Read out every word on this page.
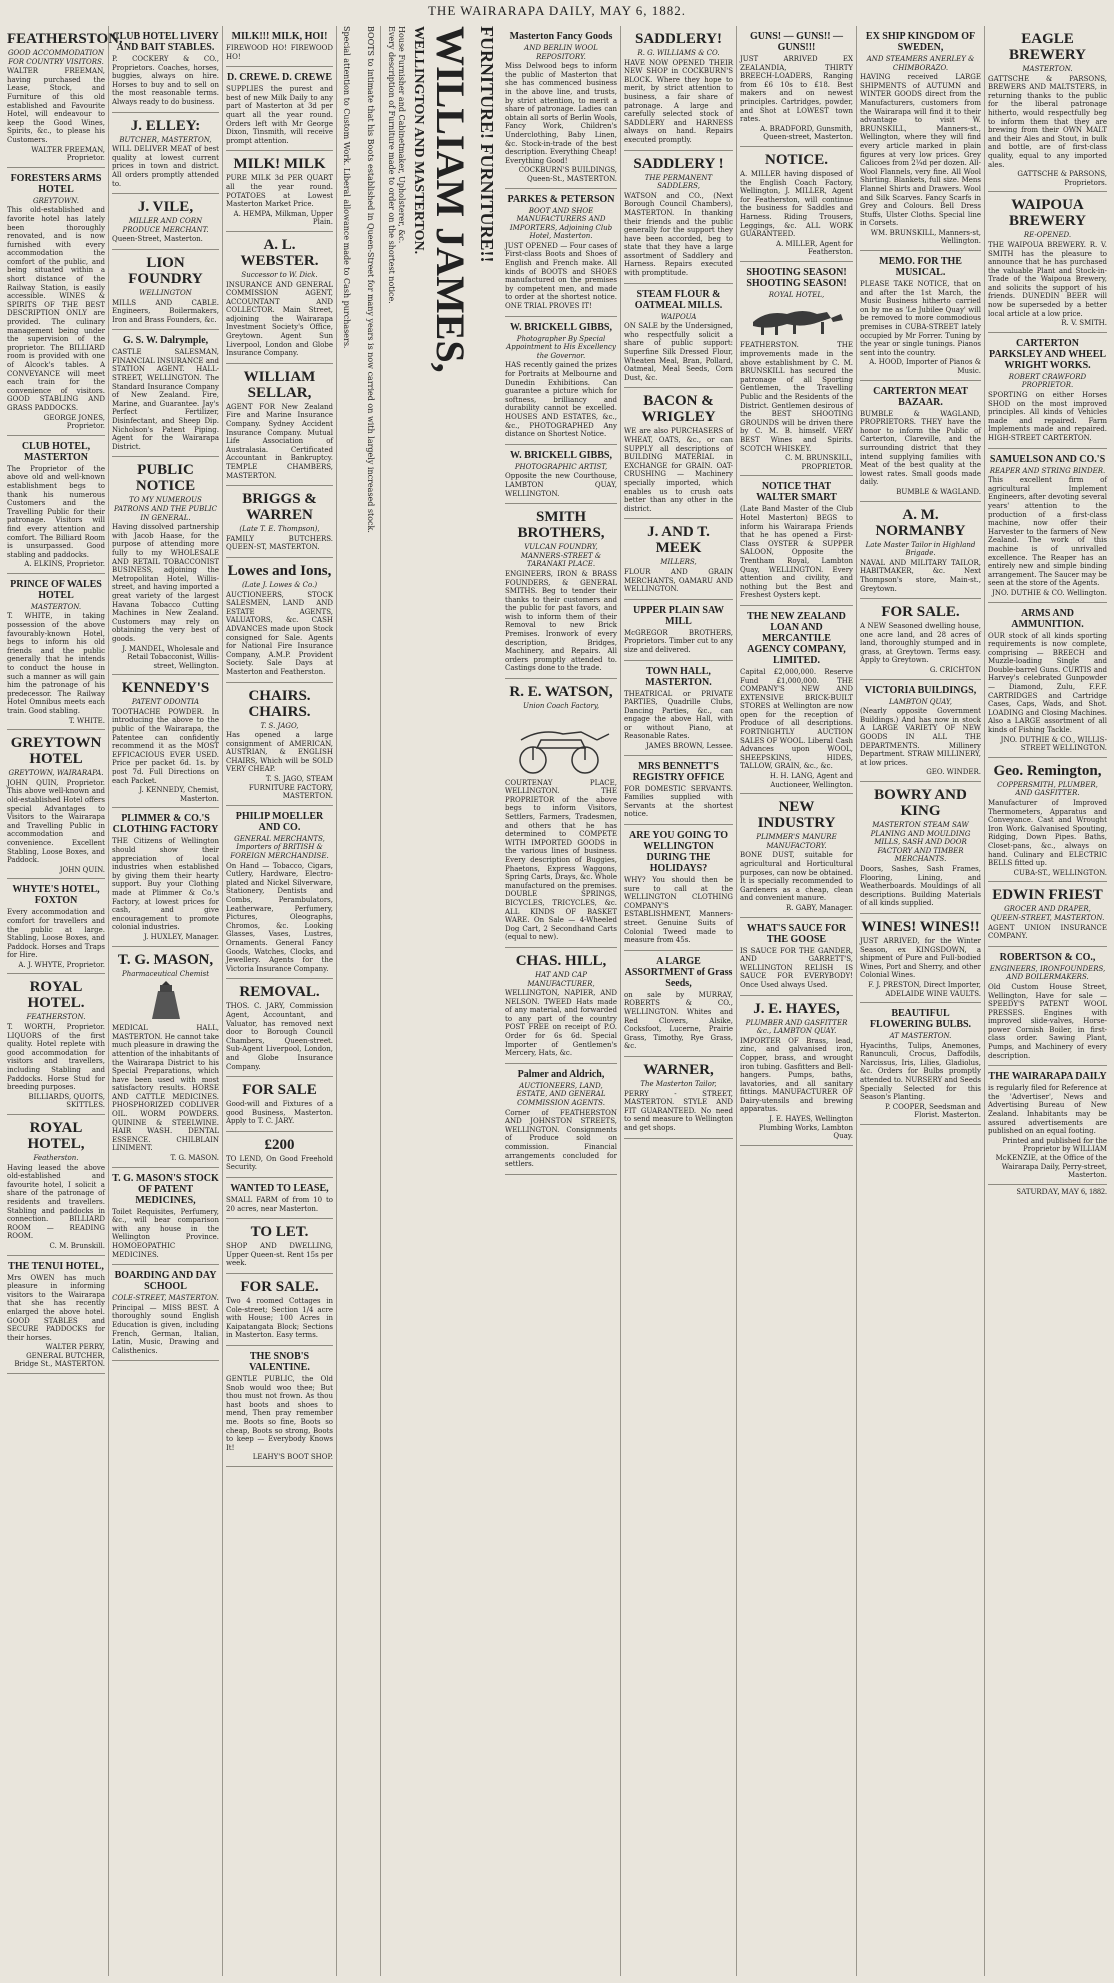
THE WAIRARAPA DAILY, MAY 6, 1882.
FEATHERSTON.
GOOD ACCOMMODATION FOR COUNTRY VISITORS.

WALTER FREEMAN, having purchased the Lease, Stock, and Furniture of this old established and Favourite Hotel, will endeavour to keep the Good Wines, Spirits, &c., to please his Customers.

WALTER FREEMAN, Proprietor.
FORESTERS ARMS HOTEL
GREYTOWN.

This old-established and favorite hotel has lately been thoroughly renovated, and is now furnished with every accommodation the comfort of the public, and being situated within a short distance of the Railway Station, is easily accessible. WINES & SPIRITS OF THE BEST DESCRIPTION ONLY are provided. The culinary management being under the supervision of the proprietor. The BILLIARD room is provided with one of Alcock's tables. A CONVEYANCE will meet each train for the convenience of visitors. GOOD STABLING AND GRASS PADDOCKS.

GEORGE JONES, Proprietor.
CLUB HOTEL, MASTERTON

The Proprietor of the above old and well-known establishment begs to thank his numerous Customers and the Travelling Public for their patronage. Visitors will find every attention and comfort. The Billiard Room is unsurpassed. Good stabling and paddocks.

A. ELKINS, Proprietor.
PRINCE OF WALES HOTEL
MASTERTON.

T. WHITE, in taking possession of the above favourably-known Hotel, begs to inform his old friends and the public generally that he intends to conduct the house in such a manner as will gain him the patronage of his predecessor. The Railway Hotel Omnibus meets each train. Good stabling.

T. WHITE.
GREYTOWN HOTEL
GREYTOWN, WAIRARAPA.

JOHN QUIN, Proprietor. This above well-known and old-established Hotel offers special Advantages to Visitors to the Wairarapa and Travelling Public in accommodation and convenience. Excellent Stabling, Loose Boxes, and Paddock.

JOHN QUIN.
WHYTE'S HOTEL, FOXTON

Every accommodation and comfort for travellers and the public at large. Stabling, Loose Boxes, and Paddock. Horses and Traps for Hire.

A. J. WHYTE, Proprietor.
ROYAL HOTEL.
FEATHERSTON.

T. WORTH, Proprietor. LIQUORS of the first quality. Hotel replete with good accommodation for visitors and travellers, including Stabling and Paddocks. Horse Stud for breeding purposes.

BILLIARDS, QUOITS, SKITTLES.
ROYAL HOTEL,
Featherston.

Having leased the above old-established and favourite hotel, I solicit a share of the patronage of residents and travellers. Stabling and paddocks in connection. BILLIARD ROOM — READING ROOM.

C. M. Brunskill.
THE TENUI HOTEL,

Mrs OWEN has much pleasure in informing visitors to the Wairarapa that she has recently enlarged the above hotel. GOOD STABLES and SECURE PADDOCKS for their horses.

WALTER PERRY, GENERAL BUTCHER, Bridge St., MASTERTON.
CLUB HOTEL LIVERY AND BAIT STABLES.

P. COCKERY & CO., Proprietors. Coaches, horses, buggies, always on hire. Horses to buy and to sell on the most reasonable terms. Always ready to do business.

J. ELLEY:
BUTCHER, MASTERTON,

WILL DELIVER MEAT of best quality at lowest current prices in town and district. All orders promptly attended to.

J. VILE,
MILLER AND CORN PRODUCE MERCHANT.

Queen-Street, Masterton.

LION FOUNDRY
WELLINGTON

MILLS AND CABLE. Engineers, Boilermakers, Iron and Brass Founders, &c.

G. S. W. Dalrymple,

CASTLE SALESMAN, FINANCIAL INSURANCE and STATION AGENT. HALL-STREET, WELLINGTON. The Standard Insurance Company of New Zealand. Fire, Marine, and Guarantee. Jay's Perfect Fertilizer, Disinfectant, and Sheep Dip. Nicholson's Patent Piping. Agent for the Wairarapa District.

PUBLIC NOTICE
TO MY NUMEROUS PATRONS AND THE PUBLIC IN GENERAL.

Having dissolved partnership with Jacob Haase, for the purpose of attending more fully to my WHOLESALE AND RETAIL TOBACCONIST BUSINESS, adjoining the Metropolitan Hotel, Willis-street, and having imported a great variety of the largest Havana Tobacco Cutting Machines in New Zealand. Customers may rely on obtaining the very best of goods.

J. MANDEL, Wholesale and Retail Tobacconist, Willis-street, Wellington.
KENNEDY'S
PATENT ODONTIA

TOOTHACHE POWDER. In introducing the above to the public of the Wairarapa, the Patentee can confidently recommend it as the MOST EFFICACIOUS EVER USED. Price per packet 6d. 1s. by post 7d. Full Directions on each Packet.

J. KENNEDY, Chemist, Masterton.
PLIMMER & CO.'S CLOTHING FACTORY

THE Citizens of Wellington should show their appreciation of local industries when established by giving them their hearty support. Buy your Clothing made at Plimmer & Co.'s Factory, at lowest prices for cash, and give encouragement to promote colonial industries.

J. HUXLEY, Manager.
T. G. MASON,
Pharmaceutical Chemist

MEDICAL HALL, MASTERTON. He cannot take much pleasure in drawing the attention of the inhabitants of the Wairarapa District to his Special Preparations, which have been used with most satisfactory results. HORSE AND CATTLE MEDICINES. PHOSPHORIZED CODLIVER OIL. WORM POWDERS. QUININE & STEELWINE. HAIR WASH. DENTAL ESSENCE. CHILBLAIN LINIMENT.

T. G. MASON.
T. G. MASON'S STOCK OF PATENT MEDICINES,

Toilet Requisites, Perfumery, &c., will bear comparison with any house in the Wellington Province. HOMOEOPATHIC MEDICINES.

BOARDING AND DAY SCHOOL
COLE-STREET, MASTERTON.

Principal — MISS BEST. A thoroughly sound English Education is given, including French, German, Italian, Latin, Music, Drawing and Calisthenics.

MILK!!! MILK, HOI!

FIREWOOD HO! FIREWOOD HO!

D. CREWE. D. CREWE

SUPPLIES the purest and best of new Milk Daily to any part of Masterton at 3d per quart all the year round. Orders left with Mr George Dixon, Tinsmith, will receive prompt attention.

MILK! MILK

PURE MILK 3d PER QUART all the year round. POTATOES at Lowest Masterton Market Price.

A. HEMPA, Milkman, Upper Plain.
A. L. WEBSTER.
Successor to W. Dick.

INSURANCE AND GENERAL COMMISSION AGENT, ACCOUNTANT AND COLLECTOR. Main Street, adjoining the Wairarapa Investment Society's Office, Greytown. Agent Sun Liverpool, London and Globe Insurance Company.

WILLIAM SELLAR,

AGENT FOR New Zealand Fire and Marine Insurance Company. Sydney Accident Insurance Company. Mutual Life Association of Australasia. Certificated Accountant in Bankruptcy. TEMPLE CHAMBERS, MASTERTON.

BRIGGS & WARREN
(Late T. E. Thompson),

FAMILY BUTCHERS. QUEEN-ST, MASTERTON.

Lowes and Ions,
(Late J. Lowes & Co.)

AUCTIONEERS, STOCK SALESMEN, LAND AND ESTATE AGENTS, VALUATORS, &c. CASH ADVANCES made upon Stock consigned for Sale. Agents for National Fire Insurance Company, A.M.P. Provident Society. Sale Days at Masterton and Featherston.

CHAIRS. CHAIRS.
T. S. JAGO,

Has opened a large consignment of AMERICAN, AUSTRIAN, & ENGLISH CHAIRS, Which will be SOLD VERY CHEAP.

T. S. JAGO, STEAM FURNITURE FACTORY, MASTERTON.
PHILIP MOELLER AND CO.
GENERAL MERCHANTS, Importers of BRITISH & FOREIGN MERCHANDISE.

On Hand — Tobacco, Cigars, Cutlery, Hardware, Electro-plated and Nickel Silverware, Stationery, Dentists and Combs, Perambulators, Leatherware, Perfumery, Pictures, Oleographs, Chromos, &c. Looking Glasses, Vases, Lustres, Ornaments. General Fancy Goods, Watches, Clocks, and Jewellery. Agents for the Victoria Insurance Company.

REMOVAL.

THOS. C. JARY, Commission Agent, Accountant, and Valuator, has removed next door to Borough Council Chambers, Queen-street. Sub-Agent Liverpool, London, and Globe Insurance Company.

FOR SALE

Good-will and Fixtures of a good Business, Masterton. Apply to T. C. JARY.

£200

TO LEND, On Good Freehold Security.

WANTED TO LEASE,

SMALL FARM of from 10 to 20 acres, near Masterton.

TO LET.

SHOP AND DWELLING, Upper Queen-st. Rent 15s per week.

FOR SALE.

Two 4 roomed Cottages in Cole-street; Section 1/4 acre with House; 100 Acres in Kaipatangata Block; Sections in Masterton. Easy terms.

THE SNOB'S VALENTINE.

GENTLE PUBLIC, the Old Snob would woo thee; But thou must not frown. As thou hast boots and shoes to mend, Then pray remember me. Boots so fine, Boots so cheap, Boots so strong, Boots to keep — Everybody Knows It!

LEAHY'S BOOT SHOP.
BOOTS to intimate that his Boots established in Queen-Street for many years is now carried on with largely increased stock.
Special attention to Custom Work. Liberal allowance made to Cash purchasers.	FURNITURE! FURNITURE!!
WILLIAM JAMES,
WELLINGTON AND MASTERTON.
House Furnisher and Cabinetmaker, Upholsterer, &c.
Every description of Furniture made to order on the shortest notice.	Masterton Fancy Goods
AND BERLIN WOOL REPOSITORY.

Miss Delwood begs to inform the public of Masterton that she has commenced business in the above line, and trusts, by strict attention, to merit a share of patronage. Ladies can obtain all sorts of Berlin Wools, Fancy Work, Children's Underclothing, Baby Linen, &c. Stock-in-trade of the best description. Everything Cheap! Everything Good!

COCKBURN'S BUILDINGS, Queen-St., MASTERTON.
PARKES & PETERSON
BOOT AND SHOE MANUFACTURERS AND IMPORTERS, Adjoining Club Hotel, Masterton.

JUST OPENED — Four cases of First-class Boots and Shoes of English and French make. All kinds of BOOTS and SHOES manufactured on the premises by competent men, and made to order at the shortest notice. ONE TRIAL PROVES IT!

W. BRICKELL GIBBS,
Photographer By Special Appointment to His Excellency the Governor.

HAS recently gained the prizes for Portraits at Melbourne and Dunedin Exhibitions. Can guarantee a picture which for softness, brilliancy and durability cannot be excelled. HOUSES AND ESTATES, &c., &c., PHOTOGRAPHED Any distance on Shortest Notice.

W. BRICKELL GIBBS,
PHOTOGRAPHIC ARTIST,

Opposite the new Courthouse, LAMBTON QUAY, WELLINGTON.

SMITH BROTHERS,
VULCAN FOUNDRY, MANNERS-STREET & TARANAKI PLACE.

ENGINEERS, IRON & BRASS FOUNDERS, & GENERAL SMITHS. Beg to tender their thanks to their customers and the public for past favors, and wish to inform them of their Removal to new Brick Premises. Ironwork of every description, Bridges, Machinery, and Repairs. All orders promptly attended to. Castings done to the trade.

R. E. WATSON,
Union Coach Factory,

COURTENAY PLACE, WELLINGTON. THE PROPRIETOR of the above begs to inform Visitors, Settlers, Farmers, Tradesmen, and others that he has determined to COMPETE WITH IMPORTED GOODS in the various lines of business. Every description of Buggies, Phaetons, Express Waggons, Spring Carts, Drays, &c. Whole manufactured on the premises. DOUBLE SPRINGS, BICYCLES, TRICYCLES, &c. ALL KINDS OF BASKET WARE. On Sale — 4-Wheeled Dog Cart, 2 Secondhand Carts (equal to new).

CHAS. HILL,
HAT AND CAP MANUFACTURER,

WELLINGTON, NAPIER, AND NELSON. TWEED Hats made of any material, and forwarded to any part of the country POST FREE on receipt of P.O. Order for 6s 6d. Special Importer of Gentlemen's Mercery, Hats, &c.

Palmer and Aldrich,
AUCTIONEERS, LAND, ESTATE, AND GENERAL COMMISSION AGENTS.

Corner of FEATHERSTON AND JOHNSTON STREETS, WELLINGTON. Consignments of Produce sold on commission. Financial arrangements concluded for settlers.

SADDLERY!
R. G. WILLIAMS & CO.

HAVE NOW OPENED THEIR NEW SHOP in COCKBURN'S BLOCK. Where they hope to merit, by strict attention to business, a fair share of patronage. A large and carefully selected stock of SADDLERY and HARNESS always on hand. Repairs executed promptly.

SADDLERY !
THE PERMANENT SADDLERS,

WATSON and CO., (Next Borough Council Chambers), MASTERTON. In thanking their friends and the public generally for the support they have been accorded, beg to state that they have a large assortment of Saddlery and Harness. Repairs executed with promptitude.

STEAM FLOUR & OATMEAL MILLS.
WAIPOUA

ON SALE by the Undersigned, who respectfully solicit a share of public support: Superfine Silk Dressed Flour, Wheaten Meal, Bran, Pollard, Oatmeal, Meal Seeds, Corn Dust, &c.

BACON & WRIGLEY

WE are also PURCHASERS of WHEAT, OATS, &c., or can SUPPLY all descriptions of BUILDING MATERIAL in EXCHANGE for GRAIN. OAT-CRUSHING — Machinery specially imported, which enables us to crush oats better than any other in the district.

J. AND T. MEEK
MILLERS,

FLOUR AND GRAIN MERCHANTS, OAMARU AND WELLINGTON.

UPPER PLAIN SAW MILL

McGREGOR BROTHERS, Proprietors. Timber cut to any size and delivered.

TOWN HALL, MASTERTON.

THEATRICAL or PRIVATE PARTIES, Quadrille Clubs, Dancing Parties, &c., can engage the above Hall, with or without Piano, at Reasonable Rates.

JAMES BROWN, Lessee.
MRS BENNETT'S REGISTRY OFFICE

FOR DOMESTIC SERVANTS. Families supplied with Servants at the shortest notice.

ARE YOU GOING TO WELLINGTON DURING THE HOLIDAYS?

WHY? You should then be sure to call at the WELLINGTON CLOTHING COMPANY'S ESTABLISHMENT, Manners-street. Genuine Suits of Colonial Tweed made to measure from 45s.

A LARGE ASSORTMENT of Grass Seeds,

on sale by MURRAY, ROBERTS & CO., WELLINGTON. Whites and Red Clovers, Alsike, Cocksfoot, Lucerne, Prairie Grass, Timothy, Rye Grass, &c.

WARNER,
The Masterton Tailor,

PERRY - STREET, MASTERTON. STYLE AND FIT GUARANTEED. No need to send measure to Wellington and get shops.

GUNS! — GUNS!! — GUNS!!!

JUST ARRIVED EX ZEALANDIA, THIRTY BREECH-LOADERS, Ranging from £6 10s to £18. Best makers and on newest principles. Cartridges, powder, and Shot at LOWEST town rates.

A. BRADFORD, Gunsmith, Queen-street, Masterton.
NOTICE.

A. MILLER having disposed of the English Coach Factory, Wellington, J. MILLER, Agent for Featherston, will continue the business for Saddles and Harness. Riding Trousers, Leggings, &c. ALL WORK GUARANTEED.

A. MILLER, Agent for Featherston.
SHOOTING SEASON! SHOOTING SEASON!
ROYAL HOTEL,

FEATHERSTON. THE improvements made in the above establishment by C. M. BRUNSKILL has secured the patronage of all Sporting Gentlemen, the Travelling Public and the Residents of the District. Gentlemen desirous of the BEST SHOOTING GROUNDS will be driven there by C. M. B. himself. VERY BEST Wines and Spirits. SCOTCH WHISKEY.

C. M. BRUNSKILL, PROPRIETOR.
NOTICE THAT WALTER SMART

(Late Band Master of the Club Hotel Masterton) BEGS to inform his Wairarapa Friends that he has opened a First-Class OYSTER & SUPPER SALOON, Opposite the Trentham Royal, Lambton Quay, WELLINGTON. Every attention and civility, and nothing but the Best and Freshest Oysters kept.

THE NEW ZEALAND LOAN AND MERCANTILE AGENCY COMPANY, LIMITED.

Capital £2,000,000. Reserve Fund £1,000,000. THE COMPANY'S NEW AND EXTENSIVE BRICK-BUILT STORES at Wellington are now open for the reception of Produce of all descriptions. FORTNIGHTLY AUCTION SALES OF WOOL. Liberal Cash Advances upon WOOL, SHEEPSKINS, HIDES, TALLOW, GRAIN, &c., &c.

H. H. LANG, Agent and Auctioneer, Wellington.
NEW INDUSTRY
PLIMMER'S MANURE MANUFACTORY.

BONE DUST, suitable for agricultural and Horticultural purposes, can now be obtained. It is specially recommended to Gardeners as a cheap, clean and convenient manure.

R. GABY, Manager.
WHAT'S SAUCE FOR THE GOOSE

IS SAUCE FOR THE GANDER, AND GARRETT'S, WELLINGTON RELISH IS SAUCE FOR EVERYBODY! Once Used always Used.

J. E. HAYES,
PLUMBER AND GASFITTER &c., LAMBTON QUAY.

IMPORTER OF Brass, lead, zinc, and galvanised iron, Copper, brass, and wrought iron tubing. Gasfitters and Bell-hangers. Pumps, baths, lavatories, and all sanitary fittings. MANUFACTURER OF Dairy-utensils and brewing apparatus.

J. E. HAYES, Wellington Plumbing Works, Lambton Quay.
EX SHIP KINGDOM OF SWEDEN,
AND STEAMERS ANERLEY & CHIMBORAZO.

HAVING received LARGE SHIPMENTS of AUTUMN and WINTER GOODS direct from the Manufacturers, customers from the Wairarapa will find it to their advantage to visit W. BRUNSKILL, Manners-st., Wellington, where they will find every article marked in plain figures at very low prices. Grey Calicoes from 2¼d per dozen. All-Wool Flannels, very fine. All Wool Shirting. Blankets, full size. Mens Flannel Shirts and Drawers. Wool and Silk Scarves. Fancy Scarfs in Grey and Colours. Bell Dress Stuffs, Ulster Cloths. Special line in Corsets.

WM. BRUNSKILL, Manners-st, Wellington.
MEMO. FOR THE MUSICAL.

PLEASE TAKE NOTICE, that on and after the 1st March, the Music Business hitherto carried on by me as 'Le Jubilee Quay' will be removed to more commodious premises in CUBA-STREET lately occupied by Mr Forrer. Tuning by the year or single tunings. Pianos sent into the country.

A. HOOD, Importer of Pianos & Music.
CARTERTON MEAT BAZAAR.

BUMBLE & WAGLAND, PROPRIETORS. THEY have the honor to inform the Public of Carterton, Clareville, and the surrounding district that they intend supplying families with Meat of the best quality at the lowest rates. Small goods made daily.

BUMBLE & WAGLAND.
A. M. NORMANBY
Late Master Tailor in Highland Brigade.

NAVAL AND MILITARY TAILOR, HABITMAKER, &c. Next Thompson's store, Main-st., Greytown.

FOR SALE.

A NEW Seasoned dwelling house, one acre land, and 28 acres of land, thoroughly stumped and in grass, at Greytown. Terms easy. Apply to Greytown.

G. CRICHTON
VICTORIA BUILDINGS,
LAMBTON QUAY,

(Nearly opposite Government Buildings.) And has now in stock A LARGE VARIETY OF NEW GOODS IN ALL THE DEPARTMENTS. Millinery Department. STRAW MILLINERY, at low prices.

GEO. WINDER.
BOWRY AND KING
MASTERTON STEAM SAW PLANING AND MOULDING MILLS, SASH AND DOOR FACTORY AND TIMBER MERCHANTS.

Doors, Sashes, Sash Frames, Flooring, Lining, and Weatherboards. Mouldings of all descriptions. Building Materials of all kinds supplied.

WINES! WINES!!

JUST ARRIVED, for the Winter Season, ex KINGSDOWN, a shipment of Pure and Full-bodied Wines, Port and Sherry, and other Colonial Wines.

F. J. PRESTON, Direct Importer, ADELAIDE WINE VAULTS.
BEAUTIFUL FLOWERING BULBS.
AT MASTERTON.

Hyacinths, Tulips, Anemones, Ranunculi, Crocus, Daffodils, Narcissus, Iris, Lilies, Gladiolus, &c. Orders for Bulbs promptly attended to. NURSERY and Seeds Specially Selected for this Season's Planting.

P. COOPER, Seedsman and Florist. Masterton.
EAGLE BREWERY
MASTERTON.

GATTSCHE & PARSONS, BREWERS AND MALTSTERS, in returning thanks to the public for the liberal patronage hitherto, would respectfully beg to inform them that they are brewing from their OWN MALT and their Ales and Stout, in bulk and bottle, are of first-class quality, equal to any imported ales.

GATTSCHE & PARSONS, Proprietors.
WAIPOUA BREWERY
RE-OPENED.

THE WAIPOUA BREWERY. R. V. SMITH has the pleasure to announce that he has purchased the valuable Plant and Stock-in-Trade of the Waipoua Brewery, and solicits the support of his friends. DUNEDIN BEER will now be superseded by a better local article at a low price.

R. V. SMITH.
CARTERTON PARKSLEY AND WHEEL WRIGHT WORKS.
ROBERT CRAWFORD PROPRIETOR.

SPORTING on either Horses SHOD on the most improved principles. All kinds of Vehicles made and repaired. Farm Implements made and repaired. HIGH-STREET CARTERTON.

SAMUELSON AND CO.'S
REAPER AND STRING BINDER.

This excellent firm of agricultural Implement Engineers, after devoting several years' attention to the production of a first-class machine, now offer their Harvester to the farmers of New Zealand. The work of this machine is of unrivalled excellence. The Reaper has an entirely new and simple binding arrangement. The Saucer may be seen at the store of the Agents.

JNO. DUTHIE & CO. Wellington.
ARMS AND AMMUNITION.

OUR stock of all kinds sporting requirements is now complete, comprising — BREECH and Muzzle-loading Single and Double-barrel Guns. CURTIS and Harvey's celebrated Gunpowder — Diamond, Zulu, F.F.F. CARTRIDGES and Cartridge Cases, Caps, Wads, and Shot. LOADING and Closing Machines. Also a LARGE assortment of all kinds of Fishing Tackle.

JNO. DUTHIE & CO., WILLIS-STREET WELLINGTON.
Geo. Remington,
COPPERSMITH, PLUMBER, AND GASFITTER.

Manufacturer of Improved Thermometers, Apparatus and Conveyance. Cast and Wrought Iron Work. Galvanised Spouting, Ridging, Down Pipes. Baths, Closet-pans, &c., always on hand. Culinary and ELECTRIC BELLS fitted up.

CUBA-ST., WELLINGTON.
EDWIN FRIEST
GROCER AND DRAPER, QUEEN-STREET, MASTERTON.

AGENT UNION INSURANCE COMPANY.

ROBERTSON & CO.,
ENGINEERS, IRONFOUNDERS, AND BOILERMAKERS.

Old Custom House Street, Wellington, Have for sale — SPEEDY'S PATENT WOOL PRESSES. Engines with improved slide-valves, Horse-power Cornish Boiler, in first-class order. Sawing Plant, Pumps, and Machinery of every description.

THE WAIRARAPA DAILY

is regularly filed for Reference at the 'Advertiser', News and Advertising Bureau of New Zealand. Inhabitants may be assured advertisements are published on an equal footing.

Printed and published for the Proprietor by WILLIAM McKENZIE, at the Office of the Wairarapa Daily, Perry-street, Masterton.
SATURDAY, MAY 6, 1882.
